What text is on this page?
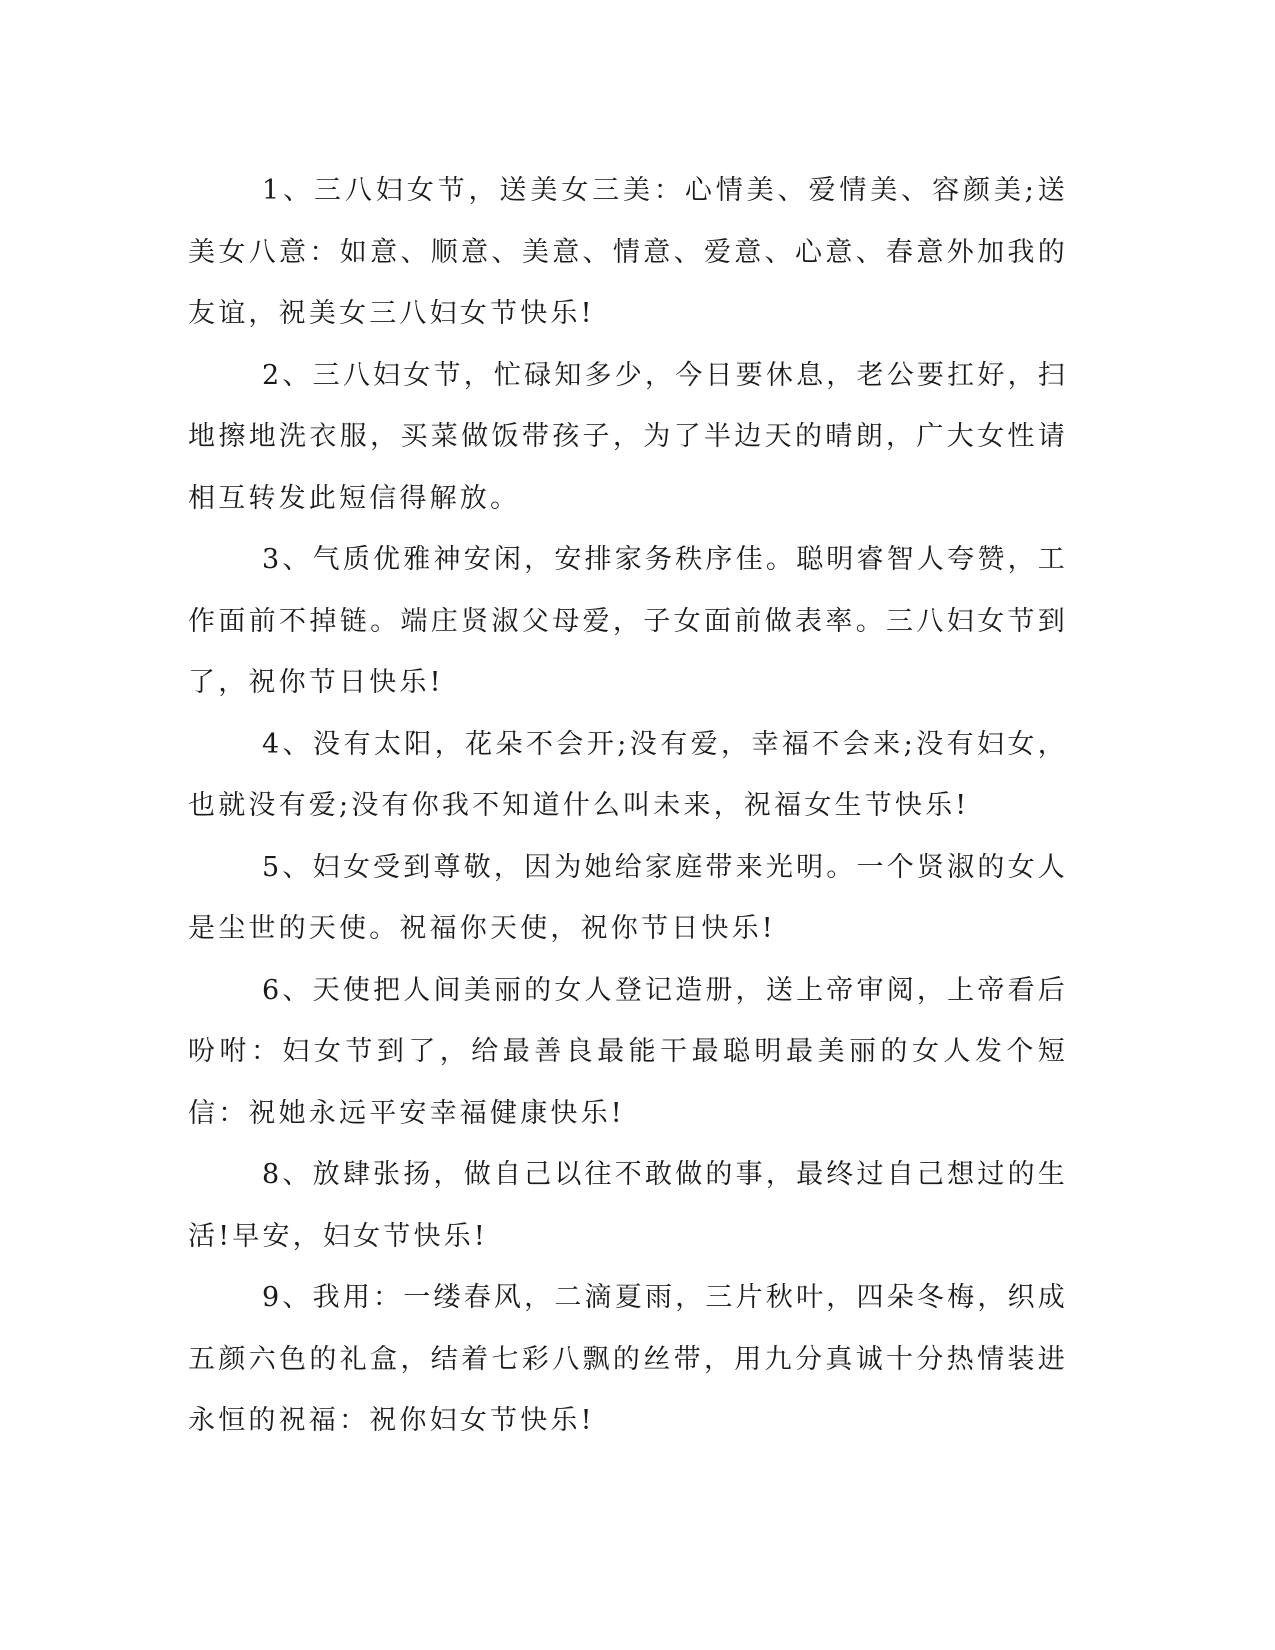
1、三八妇女节，送美女三美：心情美、爱情美、容颜美;送美女八意：如意、顺意、美意、情意、爱意、心意、春意外加我的友谊，祝美女三八妇女节快乐!

2、三八妇女节，忙碌知多少，今日要休息，老公要扛好，扫地擦地洗衣服，买菜做饭带孩子，为了半边天的晴朗，广大女性请相互转发此短信得解放。

3、气质优雅神安闲，安排家务秩序佳。聪明睿智人夸赞，工作面前不掉链。端庄贤淑父母爱，子女面前做表率。三八妇女节到了，祝你节日快乐!

4、没有太阳，花朵不会开;没有爱，幸福不会来;没有妇女，也就没有爱;没有你我不知道什么叫未来，祝福女生节快乐!

5、妇女受到尊敬，因为她给家庭带来光明。一个贤淑的女人是尘世的天使。祝福你天使，祝你节日快乐!

6、天使把人间美丽的女人登记造册，送上帝审阅，上帝看后吩咐：妇女节到了，给最善良最能干最聪明最美丽的女人发个短信：祝她永远平安幸福健康快乐!

8、放肆张扬，做自己以往不敢做的事，最终过自己想过的生活!早安，妇女节快乐!

9、我用：一缕春风，二滴夏雨，三片秋叶，四朵冬梅，织成五颜六色的礼盒，结着七彩八飘的丝带，用九分真诚十分热情装进永恒的祝福：祝你妇女节快乐!
